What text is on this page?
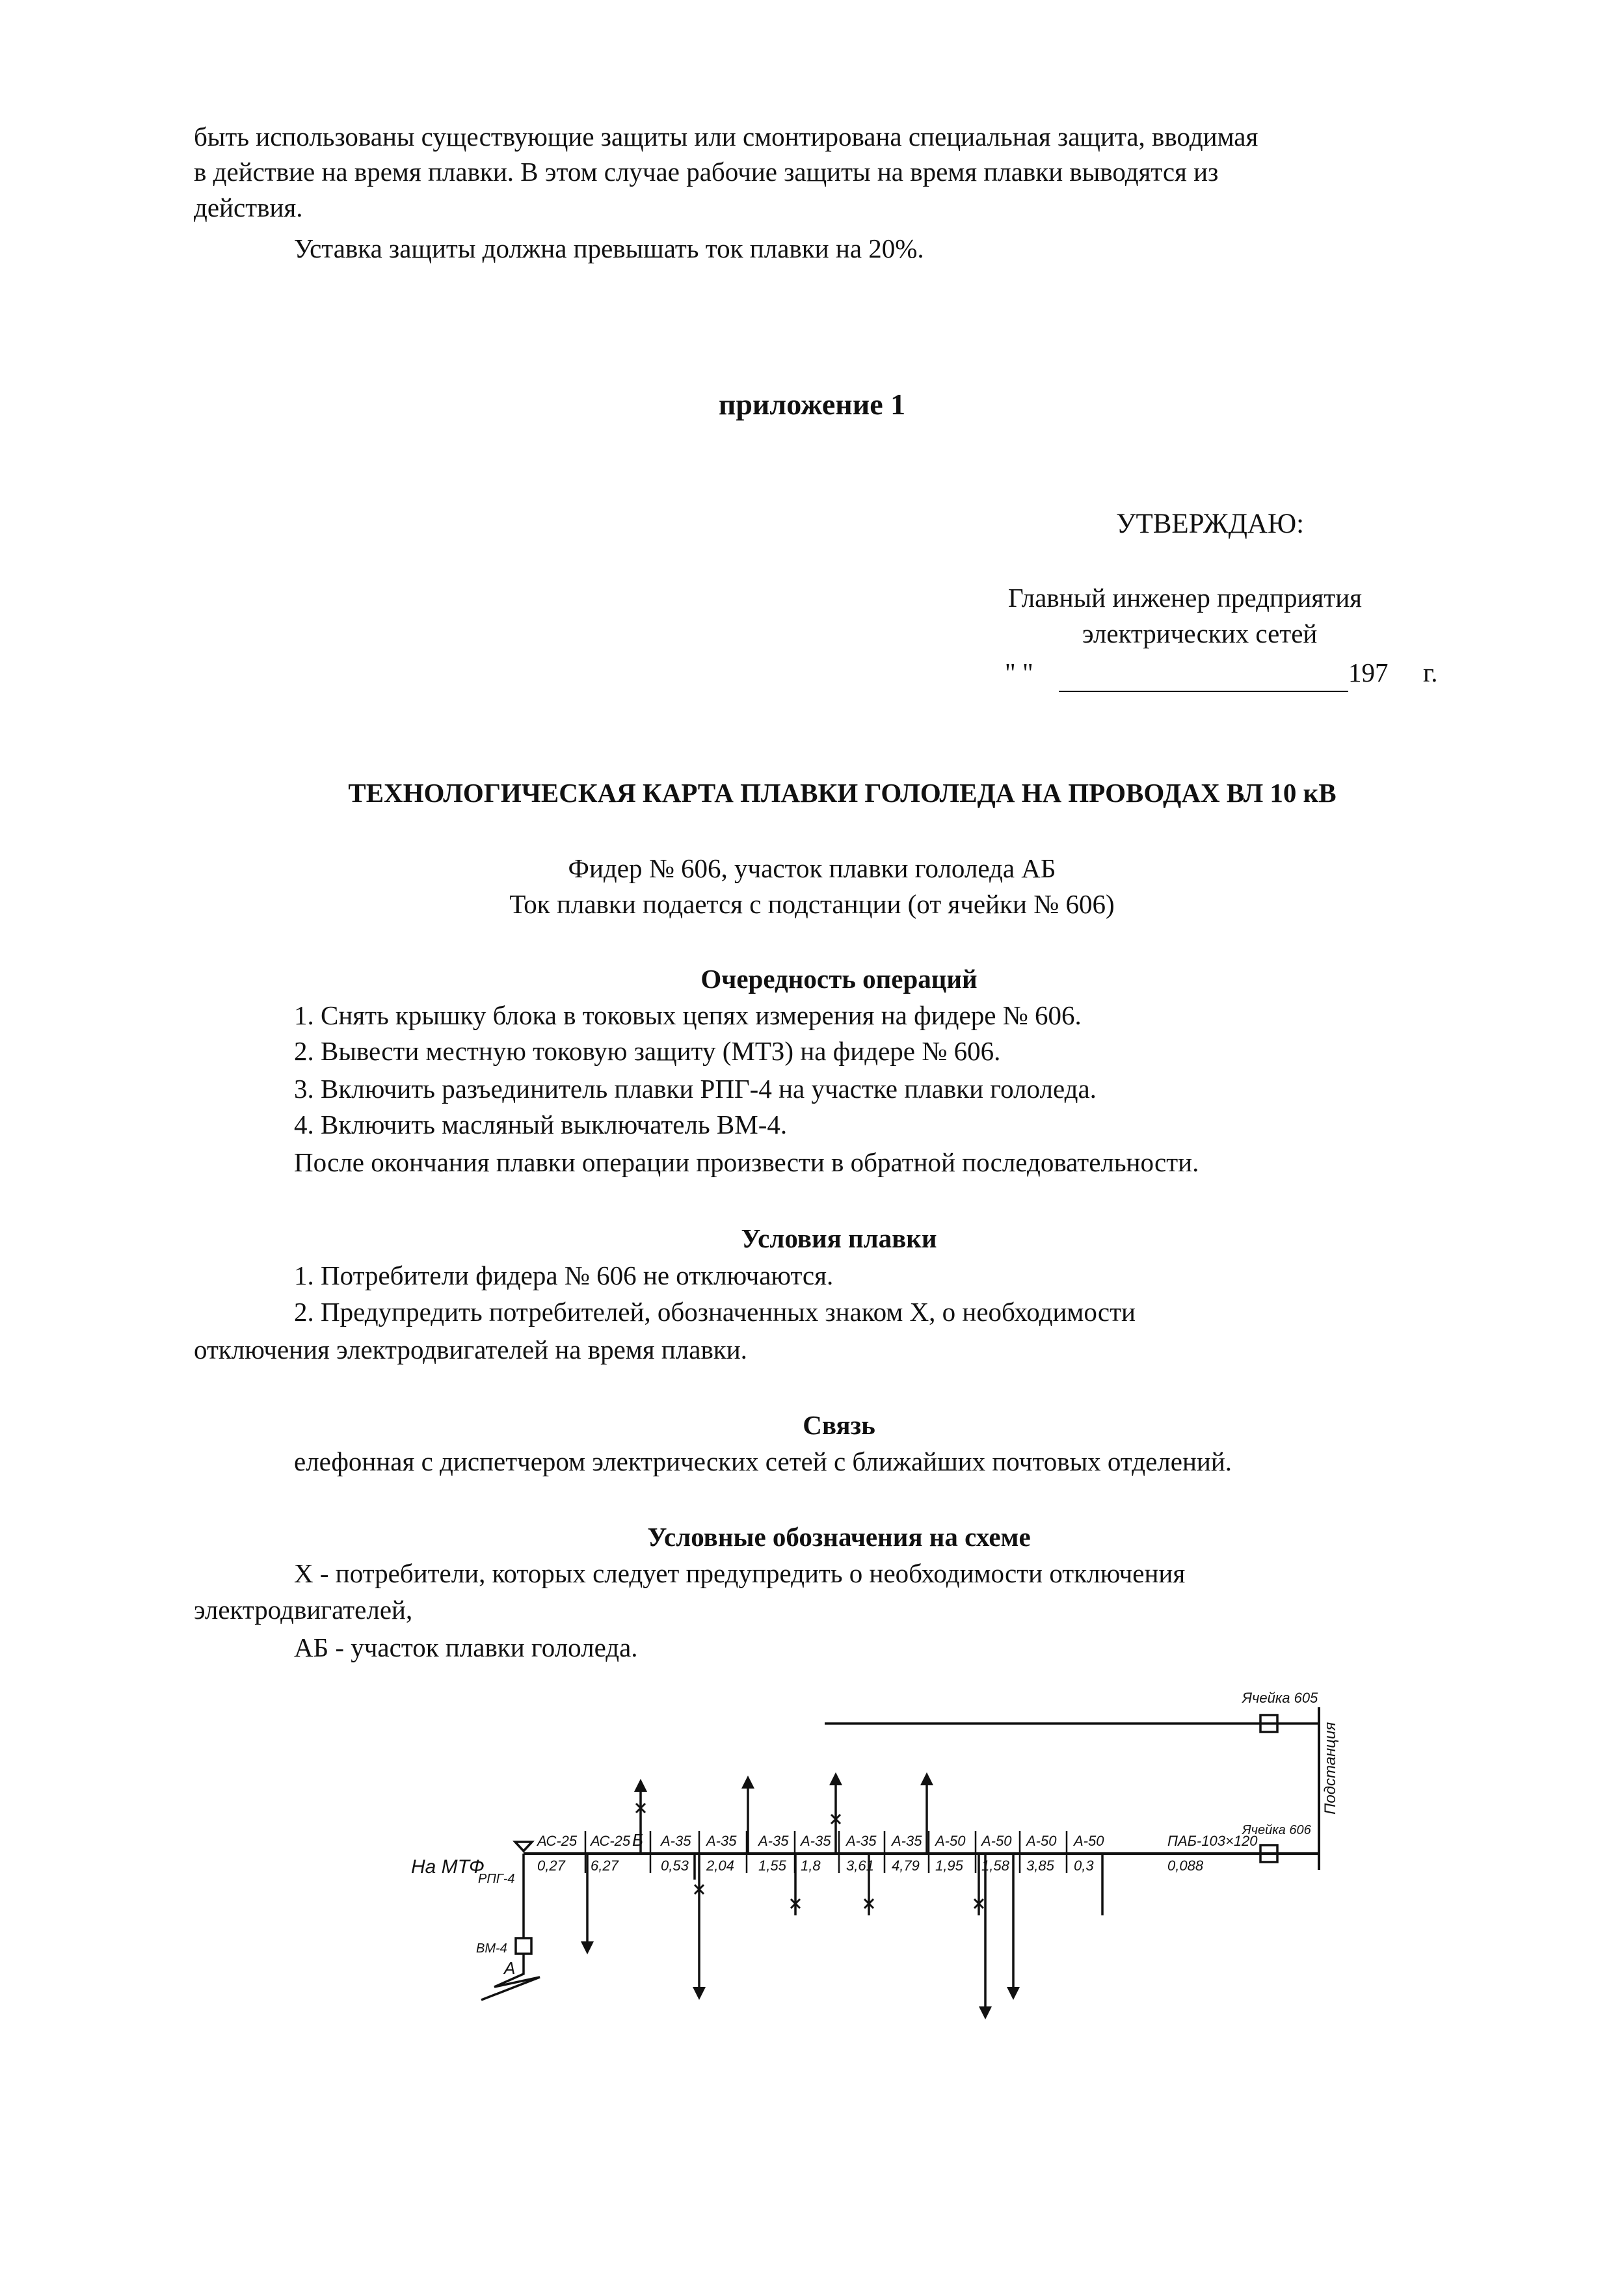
быть использованы существующие защиты или смонтирована специальная защита, вводимая
в действие на время плавки. В этом случае рабочие защиты на время плавки выводятся из
действия.
Уставка защиты должна превышать ток плавки на 20%.
приложение 1
УТВЕРЖДАЮ:
Главный инженер предприятия
электрических сетей
" "	197 г.
ТЕХНОЛОГИЧЕСКАЯ КАРТА ПЛАВКИ ГОЛОЛЕДА НА ПРОВОДАХ ВЛ 10 кВ
Фидер № 606, участок плавки гололеда АБ
Ток плавки подается с подстанции (от ячейки № 606)
Очередность операций
1. Снять крышку блока в токовых цепях измерения на фидере № 606.
2. Вывести местную токовую защиту (МТЗ) на фидере № 606.
3. Включить разъединитель плавки РПГ-4 на участке плавки гололеда.
4. Включить масляный выключатель ВМ-4.
После окончания плавки операции произвести в обратной последовательности.
Условия плавки
1. Потребители фидера № 606 не отключаются.
2. Предупредить потребителей, обозначенных знаком X, о необходимости
отключения электродвигателей на время плавки.
Связь
елефонная с диспетчером электрических сетей с ближайших почтовых отделений.
Условные обозначения на схеме
X - потребители, которых следует предупредить о необходимости отключения
электродвигателей,
АБ - участок плавки гололеда.
Ячейка 605
Ячейка 606
Подстанция
На МТФ
РПГ-4
ВМ-4
А
Б
АС-25 АС-25 А-35 А-35 А-35 А-35 А-35 А-35 А-50 А-50 А-50 А-50	ПАБ-103×120
0,27 6,27	0,53 2,04 1,55 1,8 3,61 4,79 1,95 1,58 3,85 0,3	0,088
